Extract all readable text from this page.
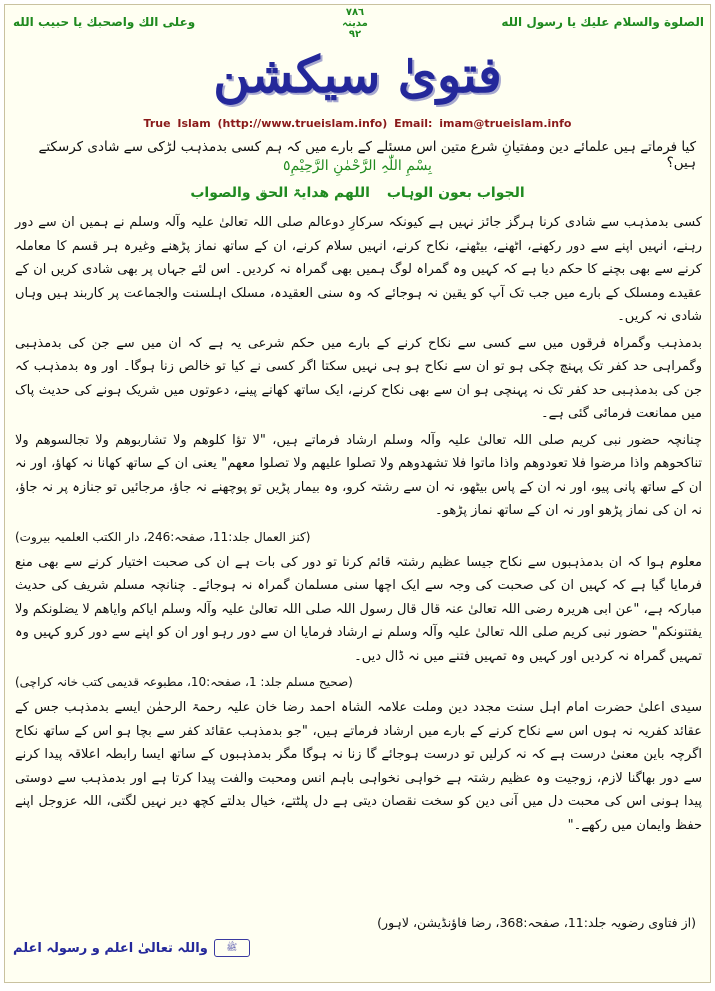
الصلوة والسلام عليك يا رسول الله
٧٨٦
مدینہ
٩٢
وعلى الك واصحبك يا حبيب الله
فتویٰ سیکشن
True Islam (http://www.trueislam.info) Email: imam@trueislam.info
کیا فرماتے ہیں علمائے دین ومفتیانِ شرع متین اس مسئلے کے بارے میں کہ ہم کسی بدمذہب لڑکی سے شادی کرسکتے ہیں؟
بِسْمِ اللّٰہِ الرَّحْمٰنِ الرَّحِیْمِ٥
الجواب بعون الوہاب اللھم ھدایۃ الحق والصواب

کسی بدمذہب سے شادی کرنا ہرگز جائز نہیں ہے کیونکہ سرکارِ دوعالم صلی اللہ تعالیٰ علیہ وآلہ وسلم نے ہمیں ان سے دور رہنے، انہیں اپنے سے دور رکھنے، اٹھنے، بیٹھنے، نکاح کرنے، انہیں سلام کرنے، ان کے ساتھ نماز پڑھنے وغیرہ ہر قسم کا معاملہ کرنے سے بھی بچنے کا حکم دیا ہے کہ کہیں وہ گمراہ لوگ ہمیں بھی گمراہ نہ کردیں۔ اس لئے جہاں پر بھی شادی کریں ان کے عقیدے ومسلک کے بارے میں جب تک آپ کو یقین نہ ہوجائے کہ وہ سنی العقیدہ، مسلک اہلسنت والجماعت پر کاربند ہیں وہاں شادی نہ کریں۔

بدمذہب وگمراہ فرقوں میں سے کسی سے نکاح کرنے کے بارے میں حکم شرعی یہ ہے کہ ان میں سے جن کی بدمذہبی وگمراہی حد کفر تک پہنچ چکی ہو تو ان سے نکاح ہو ہی نہیں سکتا اگر کسی نے کیا تو خالص زنا ہوگا۔ اور وہ بدمذہب کہ جن کی بدمذہبی حد کفر تک نہ پہنچی ہو ان سے بھی نکاح کرنے، ایک ساتھ کھانے پینے، دعوتوں میں شریک ہونے کی حدیث پاک میں ممانعت فرمائی گئی ہے۔

چنانچہ حضور نبی کریم صلی اللہ تعالیٰ علیہ وآلہ وسلم ارشاد فرماتے ہیں، "لا تؤا کلوھم ولا تشاربوھم ولا تجالسوھم ولا تناکحوھم واذا مرضوا فلا تعودوھم واذا ماتوا فلا تشھدوھم ولا تصلوا علیھم ولا تصلوا معھم" یعنی ان کے ساتھ کھانا نہ کھاؤ، اور نہ ان کے ساتھ پانی پیو، اور نہ ان کے پاس بیٹھو، نہ ان سے رشتہ کرو، وہ بیمار پڑیں تو پوچھنے نہ جاؤ، مرجائیں تو جنازہ پر نہ جاؤ، نہ ان کی نماز پڑھو اور نہ ان کے ساتھ نماز پڑھو۔

(کنز العمال جلد:11، صفحہ:246، دار الکتب العلمیہ بیروت)

معلوم ہوا کہ ان بدمذہبوں سے نکاح جیسا عظیم رشتہ قائم کرنا تو دور کی بات ہے ان کی صحبت اختیار کرنے سے بھی منع فرمایا گیا ہے کہ کہیں ان کی صحبت کی وجہ سے ایک اچھا سنی مسلمان گمراہ نہ ہوجائے۔ چنانچہ مسلم شریف کی حدیث مبارکہ ہے، "عن ابی ھریرہ رضی اللہ تعالیٰ عنہ قال قال رسول اللہ صلی اللہ تعالیٰ علیہ وآلہ وسلم ایاکم وایاھم لا یضلونکم ولا یفتنونکم" حضور نبی کریم صلی اللہ تعالیٰ علیہ وآلہ وسلم نے ارشاد فرمایا ان سے دور رہو اور ان کو اپنے سے دور کرو کہیں وہ تمہیں گمراہ نہ کردیں اور کہیں وہ تمہیں فتنے میں نہ ڈال دیں۔

(صحیح مسلم جلد: 1، صفحہ:10، مطبوعہ قدیمی کتب خانہ کراچی)

سیدی اعلیٰ حضرت امام اہل سنت مجدد دین وملت علامہ الشاہ احمد رضا خان علیہ رحمۃ الرحمٰن ایسے بدمذہب جس کے عقائد کفریہ نہ ہوں اس سے نکاح کرنے کے بارے میں ارشاد فرماتے ہیں، "جو بدمذہب عقائد کفر سے بچا ہو اس کے ساتھ نکاح اگرچہ باین معنیٰ درست ہے کہ نہ کرلیں تو درست ہوجائے گا زنا نہ ہوگا مگر بدمذہبوں کے ساتھ ایسا رابطہ اعلاقہ پیدا کرنے سے دور بھاگنا لازم، زوجیت وہ عظیم رشتہ ہے خواہی نخواہی باہم انس ومحبت والفت پیدا کرتا ہے اور بدمذہب سے دوستی پیدا ہونی اس کی محبت دل میں آنی دین کو سخت نقصان دیتی ہے دل پلٹتے، خیال بدلتے کچھ دیر نہیں لگتی، اللہ عزوجل اپنے حفظ وایمان میں رکھے۔"

(از فتاوی رضویہ جلد:11، صفحہ:368، رضا فاؤنڈیشن، لاہور)
ﷺ
واللہ تعالیٰ اعلم و رسولہ اعلم
